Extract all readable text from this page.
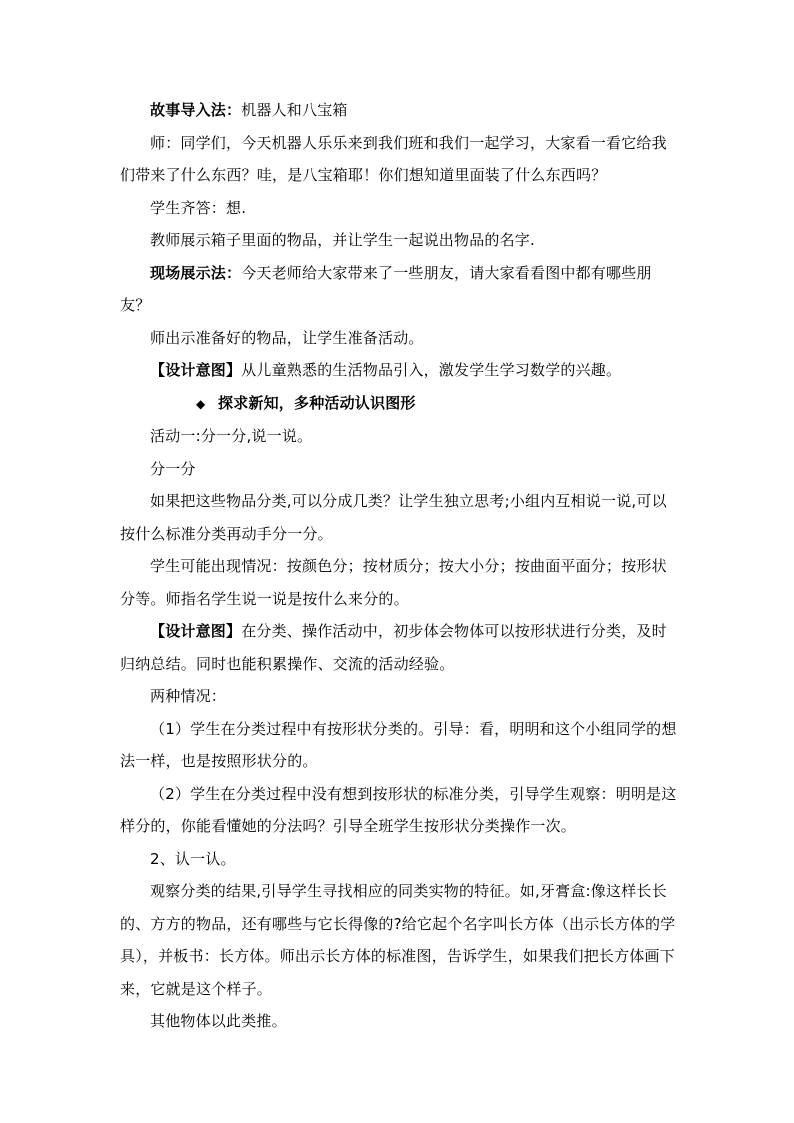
故事导入法：机器人和八宝箱

师：同学们，今天机器人乐乐来到我们班和我们一起学习，大家看一看它给我们带来了什么东西？哇，是八宝箱耶！你们想知道里面装了什么东西吗？

学生齐答：想.

教师展示箱子里面的物品，并让学生一起说出物品的名字.

现场展示法：今天老师给大家带来了一些朋友，请大家看看图中都有哪些朋友？

师出示准备好的物品，让学生准备活动。

【设计意图】从儿童熟悉的生活物品引入，激发学生学习数学的兴趣。

◆ 探求新知，多种活动认识图形

活动一:分一分,说一说。

分一分

如果把这些物品分类,可以分成几类？让学生独立思考;小组内互相说一说,可以按什么标准分类再动手分一分。

学生可能出现情况：按颜色分；按材质分；按大小分；按曲面平面分；按形状分等。师指名学生说一说是按什么来分的。

【设计意图】在分类、操作活动中，初步体会物体可以按形状进行分类，及时归纳总结。同时也能积累操作、交流的活动经验。

两种情况：

（1）学生在分类过程中有按形状分类的。引导：看，明明和这个小组同学的想法一样，也是按照形状分的。

（2）学生在分类过程中没有想到按形状的标准分类，引导学生观察：明明是这样分的，你能看懂她的分法吗？引导全班学生按形状分类操作一次。

2、认一认。

观察分类的结果,引导学生寻找相应的同类实物的特征。如,牙膏盒:像这样长长的、方方的物品，还有哪些与它长得像的?给它起个名字叫长方体（出示长方体的学具），并板书：长方体。师出示长方体的标准图，告诉学生，如果我们把长方体画下来，它就是这个样子。

其他物体以此类推。
